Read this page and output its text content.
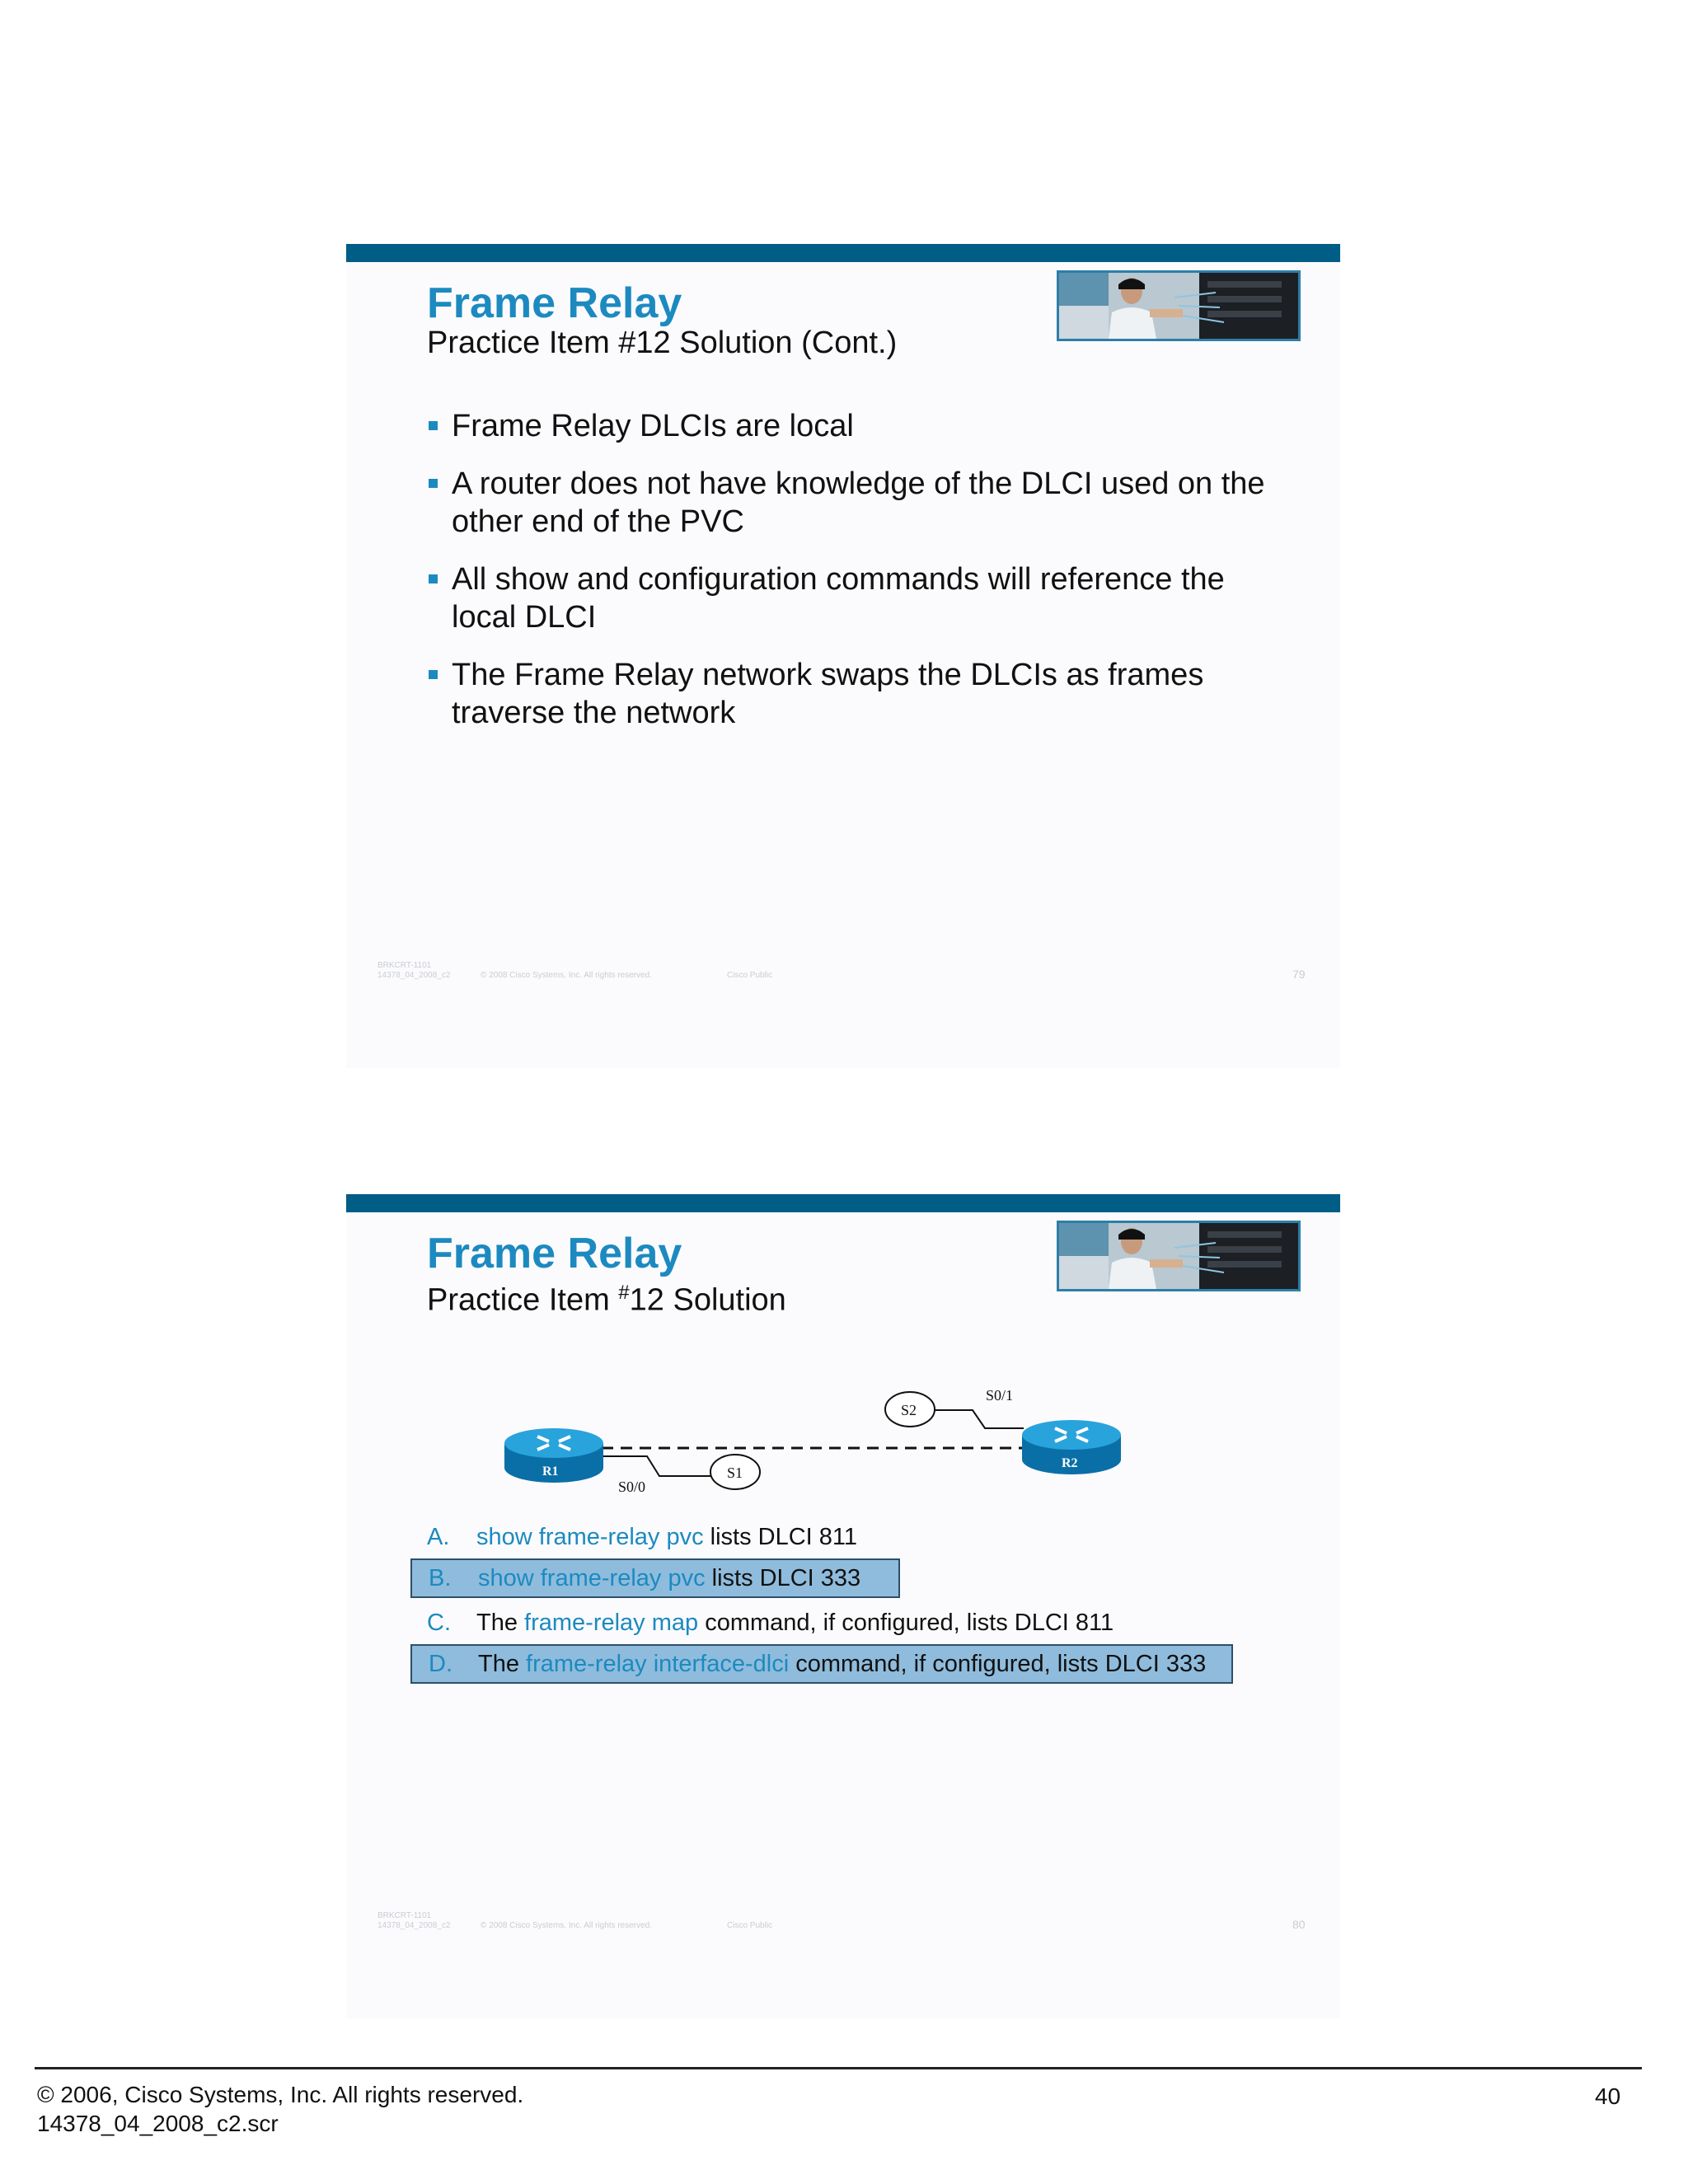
Frame Relay
Practice Item #12 Solution (Cont.)
Frame Relay DLCIs are local
A router does not have knowledge of the DLCI used on the other end of the PVC
All show and configuration commands will reference the local DLCI
The Frame Relay network swaps the DLCIs as frames traverse the network
BRKCRT-1101
14378_04_2008_c2	© 2008 Cisco Systems, Inc. All rights reserved.	Cisco Public	79
Frame Relay
Practice Item #12 Solution
R1
R2
S1
S2
S0/0
S0/1
A. show frame-relay pvc lists DLCI 811
B. show frame-relay pvc lists DLCI 333
C. The frame-relay map command, if configured, lists DLCI 811
D. The frame-relay interface-dlci command, if configured, lists DLCI 333
BRKCRT-1101
14378_04_2008_c2	© 2008 Cisco Systems, Inc. All rights reserved.	Cisco Public	80
© 2006, Cisco Systems, Inc. All rights reserved.
14378_04_2008_c2.scr
40
